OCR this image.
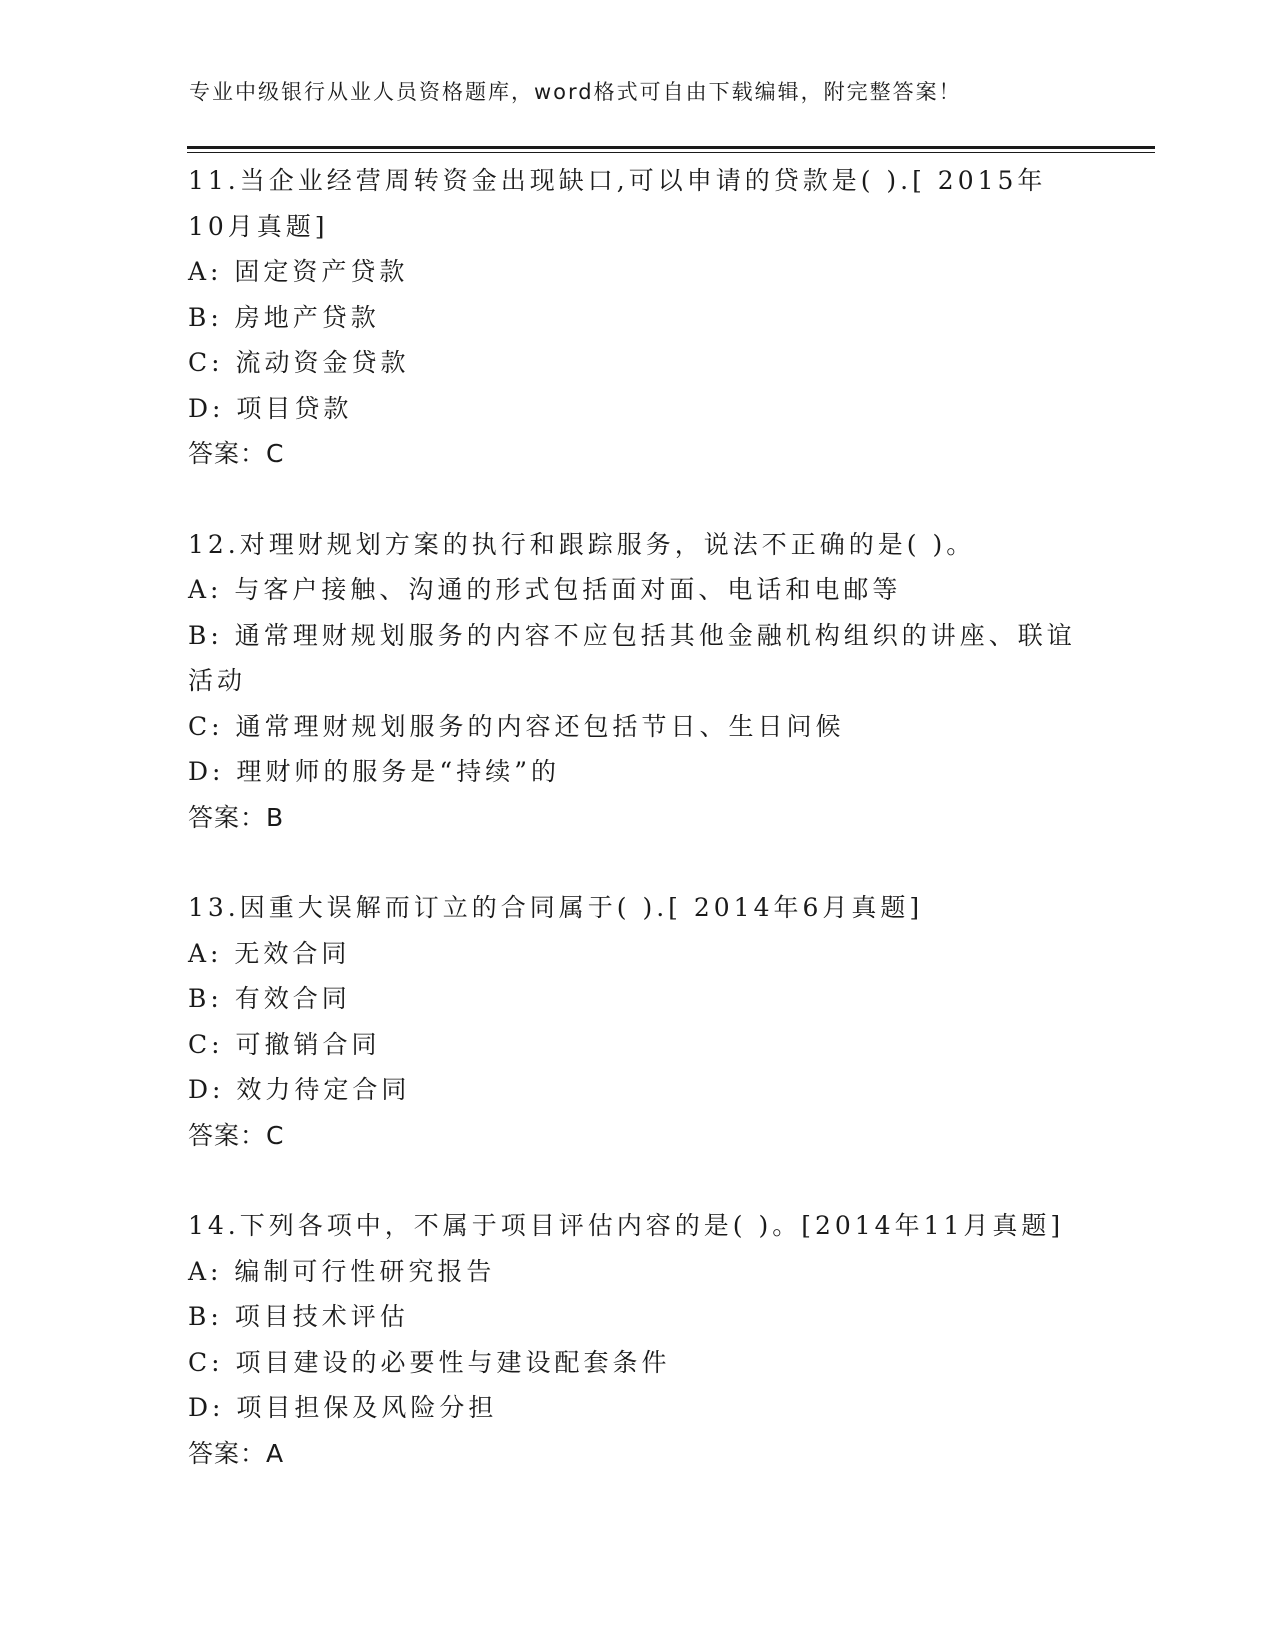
专业中级银行从业人员资格题库，word格式可自由下载编辑，附完整答案！
11.当企业经营周转资金出现缺口,可以申请的贷款是( ).[ 2015年
10月真题]
A: 固定资产贷款
B: 房地产贷款
C: 流动资金贷款
D: 项目贷款
答案：C
12.对理财规划方案的执行和跟踪服务，说法不正确的是( )。
A: 与客户接触、沟通的形式包括面对面、电话和电邮等
B: 通常理财规划服务的内容不应包括其他金融机构组织的讲座、联谊
活动
C: 通常理财规划服务的内容还包括节日、生日问候
D: 理财师的服务是“持续”的
答案：B
13.因重大误解而订立的合同属于( ).[ 2014年6月真题]
A: 无效合同
B: 有效合同
C: 可撤销合同
D: 效力待定合同
答案：C
14.下列各项中，不属于项目评估内容的是( )。[2014年11月真题]
A: 编制可行性研究报告
B: 项目技术评估
C: 项目建设的必要性与建设配套条件
D: 项目担保及风险分担
答案：A
